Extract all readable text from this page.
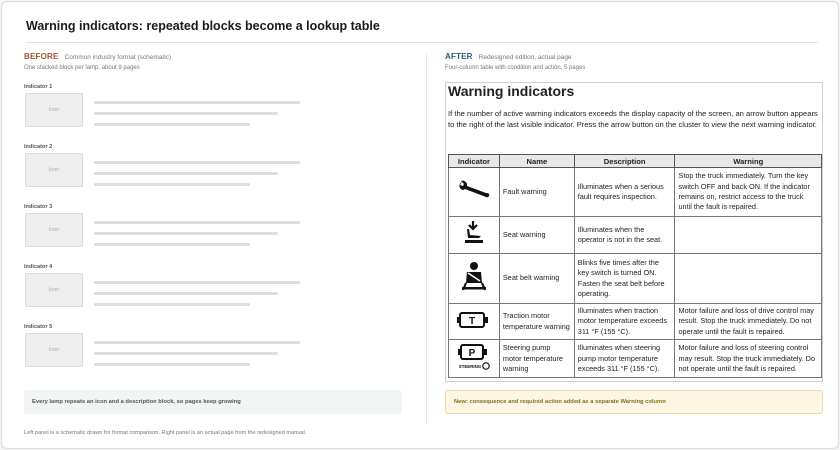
Warning indicators: repeated blocks become a lookup table
BEFORE Common industry format (schematic)
One stacked block per lamp, about 9 pages
Indicator 1
Icon
Indicator 2
Icon
Indicator 3
Icon
Indicator 4
Icon
Indicator 5
Icon
Every lamp repeats an icon and a description block, so pages keep growing
AFTER Redesigned edition, actual page
Four-column table with condition and action, 5 pages
Warning indicators
If the number of active warning indicators exceeds the display capacity of the screen, an arrow button appears to the right of the last visible indicator. Press the arrow button on the cluster to view the next warning indicator.
Indicator	Name	Description	Warning
	Fault warning	Illuminates when a serious fault requires inspection.	Stop the truck immediately. Turn the key switch OFF and back ON. If the indicator remains on, restrict access to the truck until the fault is repaired.
	Seat warning	Illuminates when the operator is not in the seat.	
	Seat belt warning	Blinks five times after the key switch is turned ON. Fasten the seat belt before operating.	

T	Traction motor temperature warning	Illuminates when traction motor temperature exceeds 311 °F (155 °C).	Motor failure and loss of drive control may result. Stop the truck immediately. Do not operate until the fault is repaired.

P
STEERING	Steering pump motor temperature warning	Illuminates when steering pump motor temperature exceeds 311 °F (155 °C).	Motor failure and loss of steering control may result. Stop the truck immediately. Do not operate until the fault is repaired.
New: consequence and required action added as a separate Warning column
Left panel is a schematic drawn for format comparison. Right panel is an actual page from the redesigned manual.
